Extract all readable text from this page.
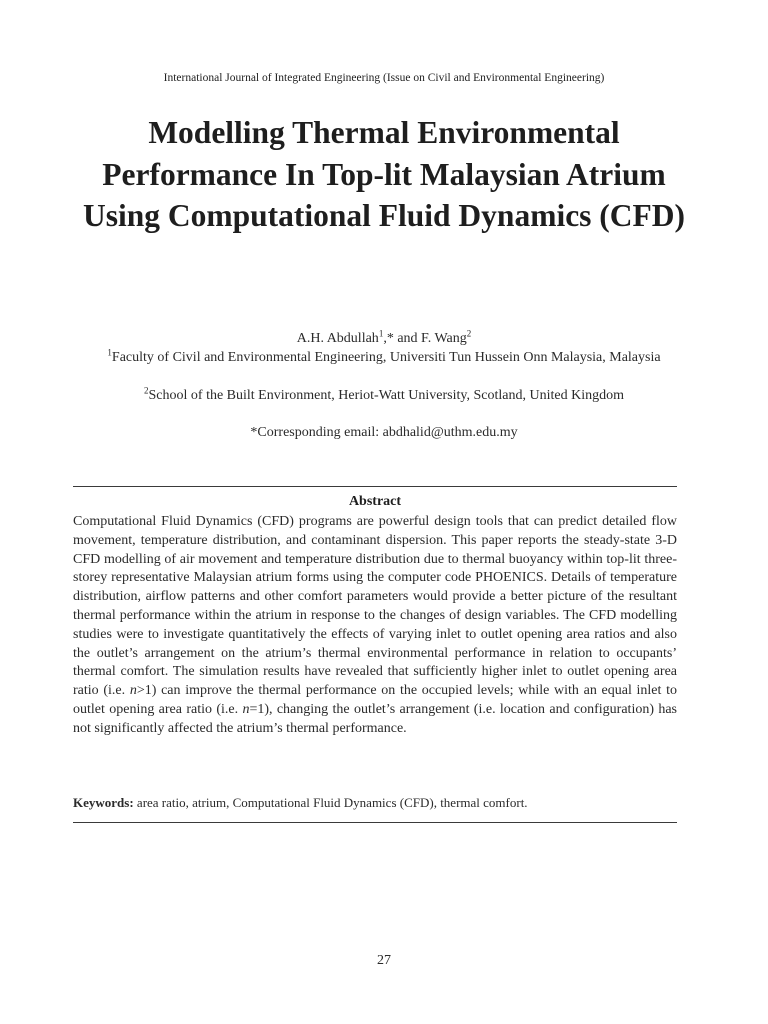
International Journal of Integrated Engineering (Issue on Civil and Environmental Engineering)
Modelling Thermal Environmental Performance In Top-lit Malaysian Atrium Using Computational Fluid Dynamics (CFD)
A.H. Abdullah$^1$,* and F. Wang$^2$
$^1$Faculty of Civil and Environmental Engineering, Universiti Tun Hussein Onn Malaysia, Malaysia
$^2$School of the Built Environment, Heriot-Watt University, Scotland, United Kingdom
*Corresponding email: abdhalid@uthm.edu.my
Abstract

Computational Fluid Dynamics (CFD) programs are powerful design tools that can predict detailed flow movement, temperature distribution, and contaminant dispersion. This paper reports the steady-state 3-D CFD modelling of air movement and temperature distribution due to thermal buoyancy within top-lit three-storey representative Malaysian atrium forms using the computer code PHOENICS. Details of temperature distribution, airflow patterns and other comfort parameters would provide a better picture of the resultant thermal performance within the atrium in response to the changes of design variables. The CFD modelling studies were to investigate quantitatively the effects of varying inlet to outlet opening area ratios and also the outlet’s arrangement on the atrium’s thermal environmental performance in relation to occupants’ thermal comfort. The simulation results have revealed that sufficiently higher inlet to outlet opening area ratio (i.e. n>1) can improve the thermal performance on the occupied levels; while with an equal inlet to outlet opening area ratio (i.e. n=1), changing the outlet’s arrangement (i.e. location and configuration) has not significantly affected the atrium’s thermal performance.

Keywords: area ratio, atrium, Computational Fluid Dynamics (CFD), thermal comfort.
27
